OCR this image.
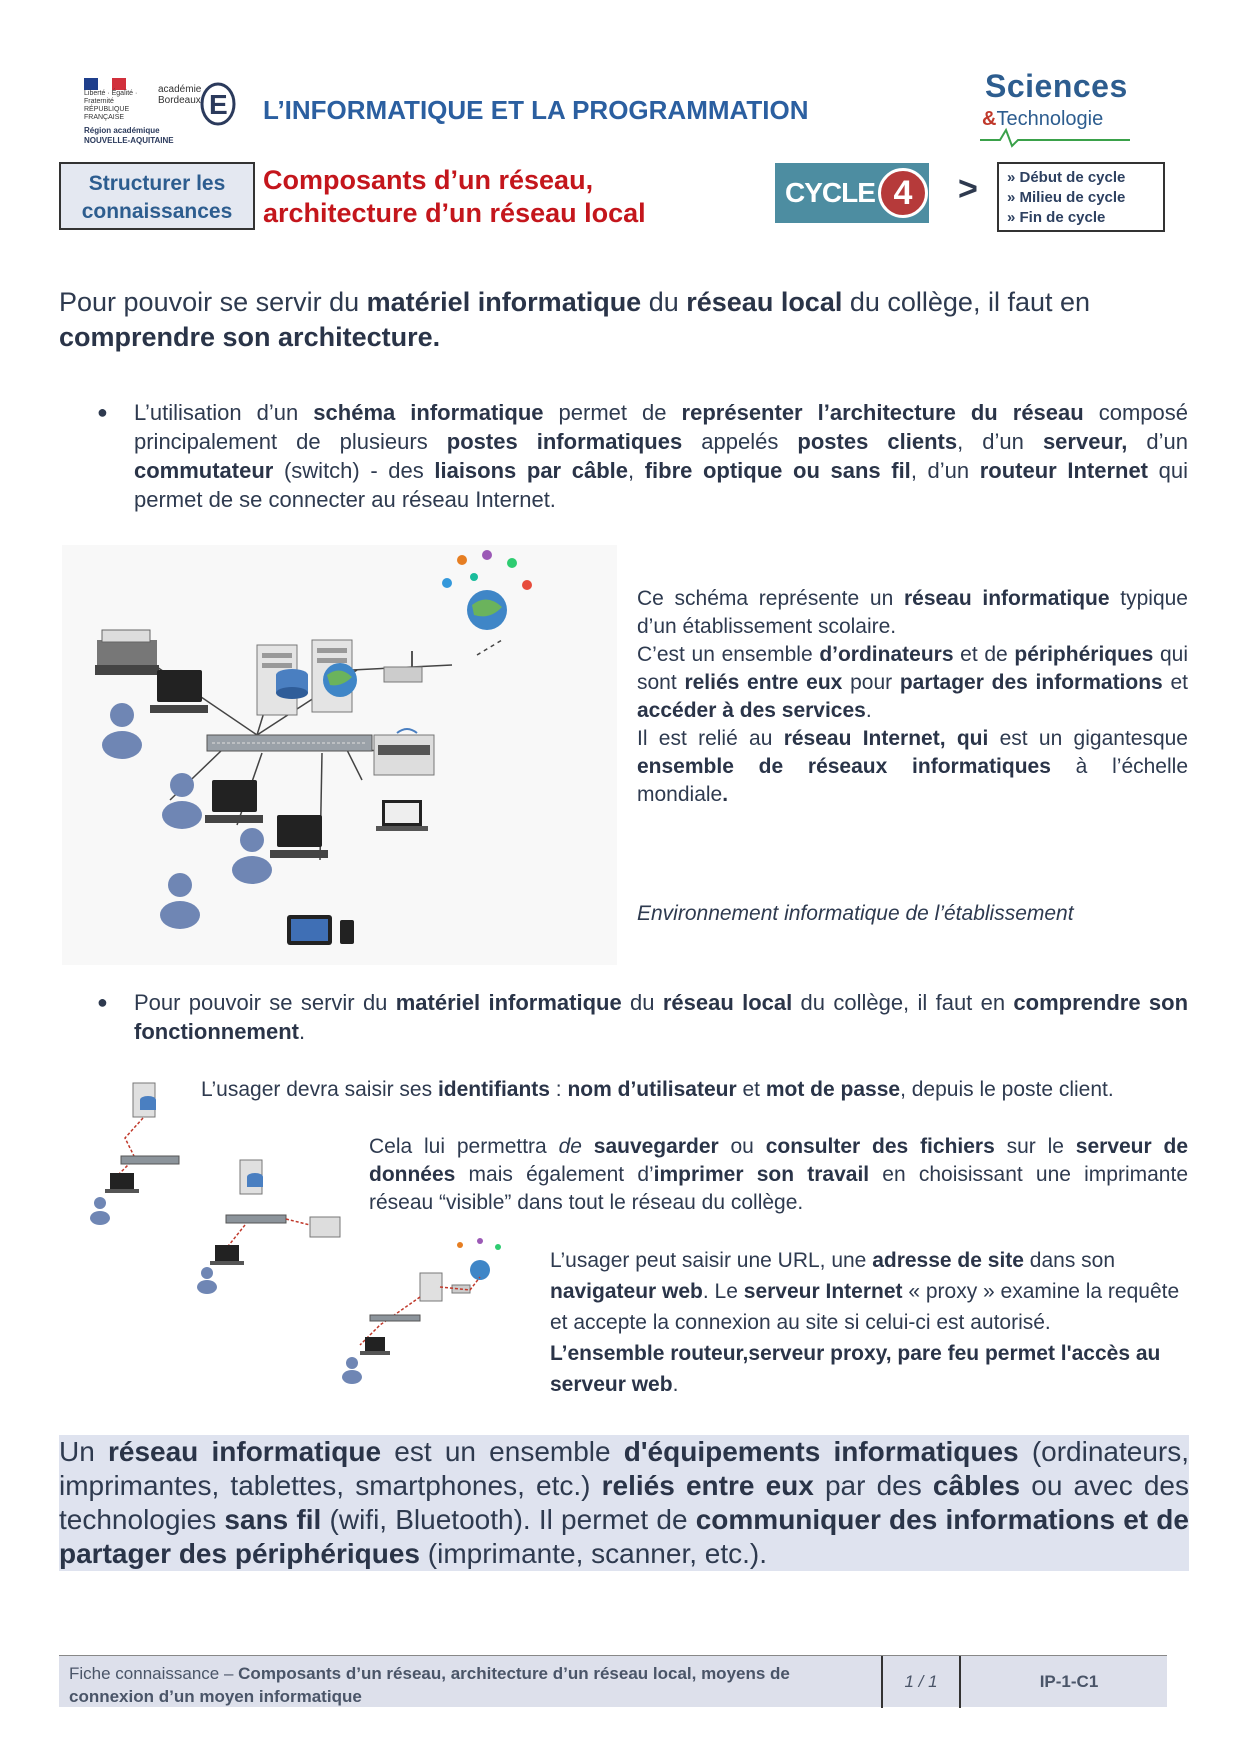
Liberté · Égalité · Fraternité RÉPUBLIQUE FRANÇAISE
académie Bordeaux E
Région académique
NOUVELLE-AQUITAINE
L’INFORMATIQUE ET LA PROGRAMMATION
Sciences
&Technologie
Structurer les
connaissances
Composants d’un réseau,
architecture d’un réseau local
CYCLE 4	> » Début de cycle
» Milieu de cycle
» Fin de cycle
Pour pouvoir se servir du matériel informatique du réseau local du collège, il faut en comprendre son architecture.
● L’utilisation d’un schéma informatique permet de représenter l’architecture du réseau composé principalement de plusieurs postes informatiques appelés postes clients, d’un serveur, d’un commutateur (switch) - des liaisons par câble, fibre optique ou sans fil, d’un routeur Internet qui permet de se connecter au réseau Internet.
Ce schéma représente un réseau informatique typique d’un établissement scolaire.
C’est un ensemble d’ordinateurs et de périphériques qui sont reliés entre eux pour partager des informations et accéder à des services.
Il est relié au réseau Internet, qui est un gigantesque ensemble de réseaux informatiques à l’échelle mondiale.
Environnement informatique de l’établissement
● Pour pouvoir se servir du matériel informatique du réseau local du collège, il faut en comprendre son fonctionnement.
L’usager devra saisir ses identifiants : nom d’utilisateur et mot de passe, depuis le poste client.
Cela lui permettra de sauvegarder ou consulter des fichiers sur le serveur de données mais également d’imprimer son travail en choisissant une imprimante réseau “visible” dans tout le réseau du collège.
L’usager peut saisir une URL, une adresse de site dans son navigateur web. Le serveur Internet « proxy » examine la requête et accepte la connexion au site si celui-ci est autorisé.
L’ensemble routeur,serveur proxy, pare feu permet l'accès au serveur web.
Un réseau informatique est un ensemble d'équipements informatiques (ordinateurs, imprimantes, tablettes, smartphones, etc.) reliés entre eux par des câbles ou avec des technologies sans fil (wifi, Bluetooth). Il permet de communiquer des informations et de partager des périphériques (imprimante, scanner, etc.).
Fiche connaissance – Composants d’un réseau, architecture d’un réseau local, moyens de connexion d’un moyen informatique
1 / 1	IP-1-C1
